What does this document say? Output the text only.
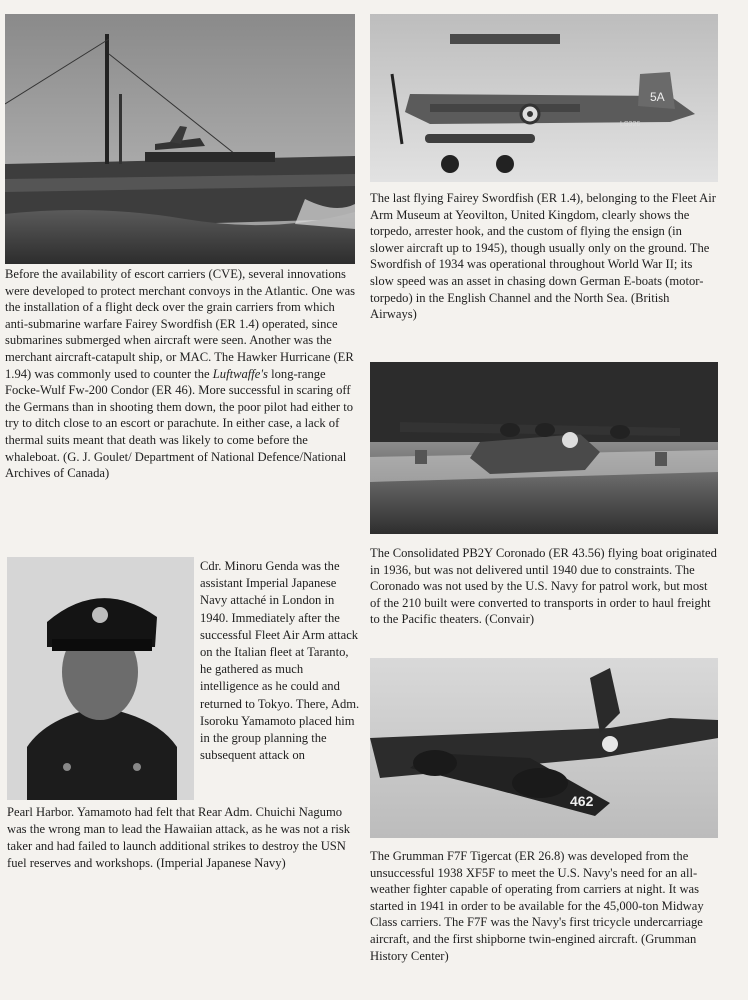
Before the availability of escort carriers (CVE), several innovations were developed to protect merchant convoys in the Atlantic. One was the installation of a flight deck over the grain carriers from which anti-submarine warfare Fairey Swordfish (ER 1.4) operated, since submarines submerged when aircraft were seen. Another was the merchant aircraft-catapult ship, or MAC. The Hawker Hurricane (ER 1.94) was commonly used to counter the Luftwaffe's long-range Focke-Wulf Fw-200 Condor (ER 46). More successful in scaring off the Germans than in shooting them down, the poor pilot had either to try to ditch close to an escort or parachute. In either case, a lack of thermal suits meant that death was likely to come before the whaleboat. (G. J. Goulet/ Department of National Defence/National Archives of Canada)

5A
LS326

The last flying Fairey Swordfish (ER 1.4), belonging to the Fleet Air Arm Museum at Yeovilton, United Kingdom, clearly shows the torpedo, arrester hook, and the custom of flying the ensign (in slower aircraft up to 1945), though usually only on the ground. The Swordfish of 1934 was operational throughout World War II; its slow speed was an asset in chasing down German E-boats (motor-torpedo) in the English Channel and the North Sea. (British Airways)

The Consolidated PB2Y Coronado (ER 43.56) flying boat originated in 1936, but was not delivered until 1940 due to constraints. The Coronado was not used by the U.S. Navy for patrol work, but most of the 210 built were converted to transports in order to haul freight to the Pacific theaters. (Convair)

Cdr. Minoru Genda was the assistant Imperial Japanese Navy attaché in London in 1940. Immediately after the successful Fleet Air Arm attack on the Italian fleet at Taranto, he gathered as much intelligence as he could and returned to Tokyo. There, Adm. Isoroku Yamamoto placed him in the group planning the subsequent attack on

Pearl Harbor. Yamamoto had felt that Rear Adm. Chuichi Nagumo was the wrong man to lead the Hawaiian attack, as he was not a risk taker and had failed to launch additional strikes to destroy the USN fuel reserves and workshops. (Imperial Japanese Navy)

462

The Grumman F7F Tigercat (ER 26.8) was developed from the unsuccessful 1938 XF5F to meet the U.S. Navy's need for an all-weather fighter capable of operating from carriers at night. It was started in 1941 in order to be available for the 45,000-ton Midway Class carriers. The F7F was the Navy's first tricycle undercarriage aircraft, and the first shipborne twin-engined aircraft. (Grumman History Center)
